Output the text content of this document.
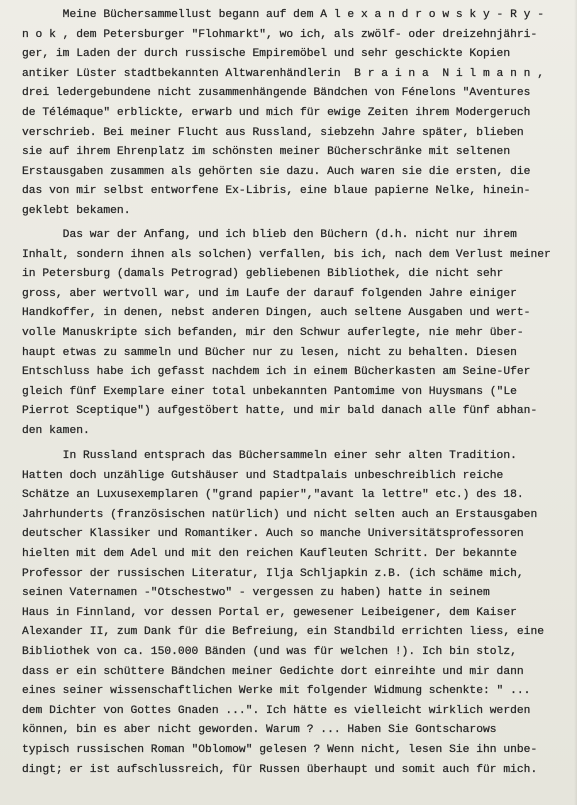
Meine Büchersammellust begann auf dem A l e x a n d r o w s k y - R y -
n o k , dem Petersburger "Flohmarkt", wo ich, als zwölf- oder dreizehnjähri-
ger, im Laden der durch russische Empiremöbel und sehr geschickte Kopien
antiker Lüster stadtbekannten Altwarenhändlerin  B r a i n a  N i l m a n n ,
drei ledergebundene nicht zusammenhängende Bändchen von Fénelons "Aventures
de Télémaque" erblickte, erwarb und mich für ewige Zeiten ihrem Modergeruch
verschrieb. Bei meiner Flucht aus Russland, siebzehn Jahre später, blieben
sie auf ihrem Ehrenplatz im schönsten meiner Bücherschränke mit seltenen
Erstausgaben zusammen als gehörten sie dazu. Auch waren sie die ersten, die
das von mir selbst entworfene Ex-Libris, eine blaue papierne Nelke, hinein-
geklebt bekamen.
Das war der Anfang, und ich blieb den Büchern (d.h. nicht nur ihrem
Inhalt, sondern ihnen als solchen) verfallen, bis ich, nach dem Verlust meiner
in Petersburg (damals Petrograd) gebliebenen Bibliothek, die nicht sehr
gross, aber wertvoll war, und im Laufe der darauf folgenden Jahre einiger
Handkoffer, in denen, nebst anderen Dingen, auch seltene Ausgaben und wert-
volle Manuskripte sich befanden, mir den Schwur auferlegte, nie mehr über-
haupt etwas zu sammeln und Bücher nur zu lesen, nicht zu behalten. Diesen
Entschluss habe ich gefasst nachdem ich in einem Bücherkasten am Seine-Ufer
gleich fünf Exemplare einer total unbekannten Pantomime von Huysmans ("Le
Pierrot Sceptique") aufgestöbert hatte, und mir bald danach alle fünf abhan-
den kamen.
In Russland entsprach das Büchersammeln einer sehr alten Tradition.
Hatten doch unzählige Gutshäuser und Stadtpalais unbeschreiblich reiche
Schätze an Luxusexemplaren ("grand papier","avant la lettre" etc.) des 18.
Jahrhunderts (französischen natürlich) und nicht selten auch an Erstausgaben
deutscher Klassiker und Romantiker. Auch so manche Universitätsprofessoren
hielten mit dem Adel und mit den reichen Kaufleuten Schritt. Der bekannte
Professor der russischen Literatur, Ilja Schljapkin z.B. (ich schäme mich,
seinen Vaternamen -"Otschestwo" - vergessen zu haben) hatte in seinem
Haus in Finnland, vor dessen Portal er, gewesener Leibeigener, dem Kaiser
Alexander II, zum Dank für die Befreiung, ein Standbild errichten liess, eine
Bibliothek von ca. 150.000 Bänden (und was für welchen !). Ich bin stolz,
dass er ein schüttere Bändchen meiner Gedichte dort einreihte und mir dann
eines seiner wissenschaftlichen Werke mit folgender Widmung schenkte: " ...
dem Dichter von Gottes Gnaden ...". Ich hätte es vielleicht wirklich werden
können, bin es aber nicht geworden. Warum ? ... Haben Sie Gontscharows
typisch russischen Roman "Oblomow" gelesen ? Wenn nicht, lesen Sie ihn unbe-
dingt; er ist aufschlussreich, für Russen überhaupt und somit auch für mich.
